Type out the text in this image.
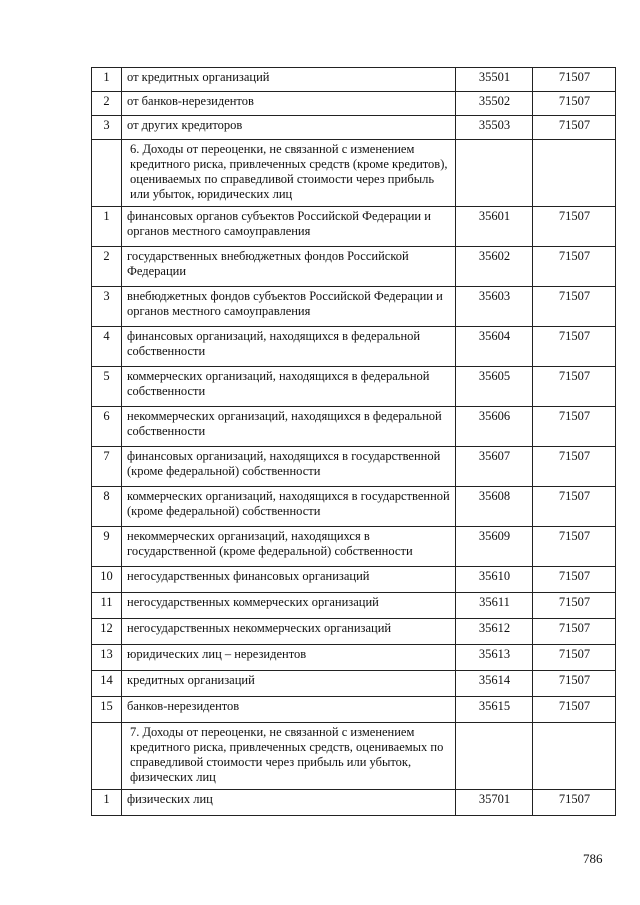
1	от кредитных организаций	35501	71507
2	от банков-нерезидентов	35502	71507
3	от других кредиторов	35503	71507
	6. Доходы от переоценки, не связанной с изменением кредитного риска, привлеченных средств (кроме кредитов), оцениваемых по справедливой стоимости через прибыль или убыток, юридических лиц		
1	финансовых органов субъектов Российской Федерации и органов местного самоуправления	35601	71507
2	государственных внебюджетных фондов Российской Федерации	35602	71507
3	внебюджетных фондов субъектов Российской Федерации и органов местного самоуправления	35603	71507
4	финансовых организаций, находящихся в федеральной собственности	35604	71507
5	коммерческих организаций, находящихся в федеральной собственности	35605	71507
6	некоммерческих организаций, находящихся в федеральной собственности	35606	71507
7	финансовых организаций, находящихся в государственной (кроме федеральной) собственности	35607	71507
8	коммерческих организаций, находящихся в государственной (кроме федеральной) собственности	35608	71507
9	некоммерческих организаций, находящихся в государственной (кроме федеральной) собственности	35609	71507
10	негосударственных финансовых организаций	35610	71507
11	негосударственных коммерческих организаций	35611	71507
12	негосударственных некоммерческих организаций	35612	71507
13	юридических лиц – нерезидентов	35613	71507
14	кредитных организаций	35614	71507
15	банков-нерезидентов	35615	71507
	7. Доходы от переоценки, не связанной с изменением кредитного риска, привлеченных средств, оцениваемых по справедливой стоимости через прибыль или убыток, физических лиц		
1	физических лиц	35701	71507
786
